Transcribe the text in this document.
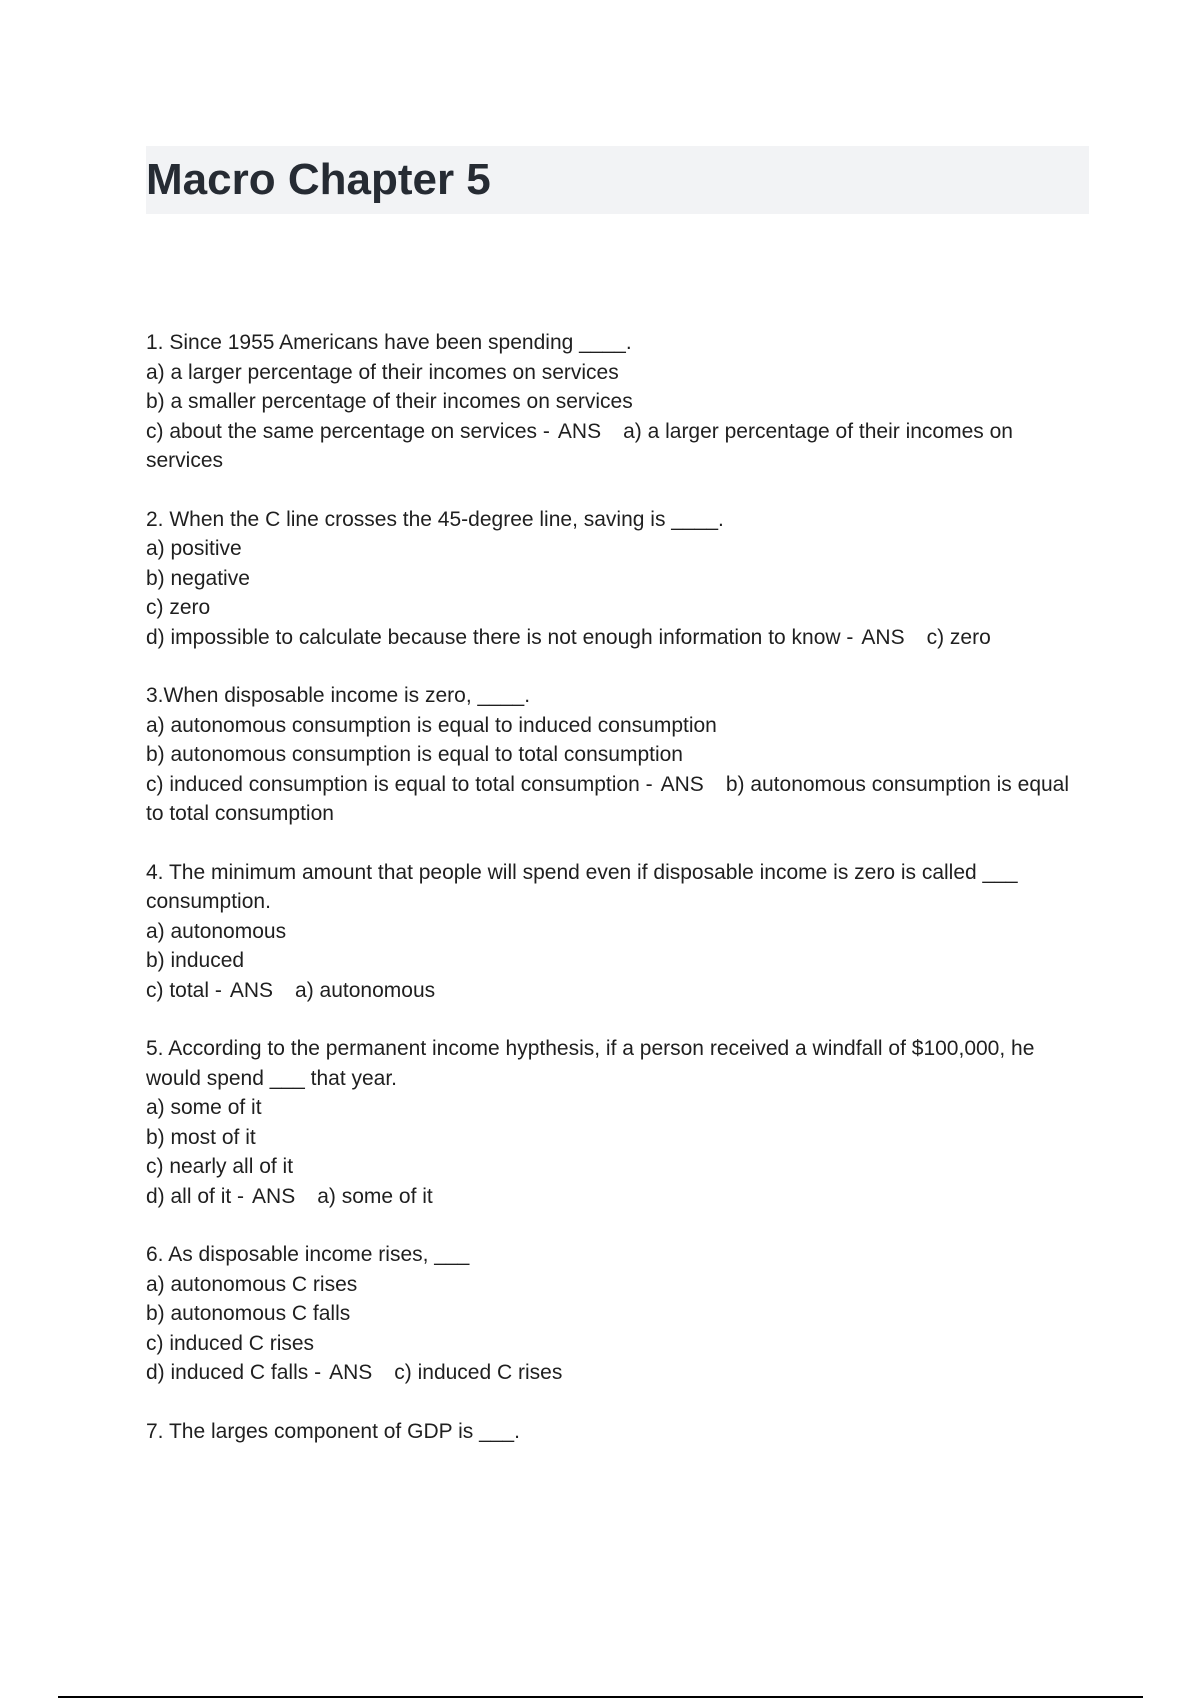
Macro Chapter 5
1. Since 1955 Americans have been spending ____.
a) a larger percentage of their incomes on services
b) a smaller percentage of their incomes on services
c) about the same percentage on services - ANS a) a larger percentage of their incomes on services
2. When the C line crosses the 45-degree line, saving is ____.
a) positive
b) negative
c) zero
d) impossible to calculate because there is not enough information to know - ANS c) zero
3.When disposable income is zero, ____.
a) autonomous consumption is equal to induced consumption
b) autonomous consumption is equal to total consumption
c) induced consumption is equal to total consumption - ANS b) autonomous consumption is equal to total consumption
4. The minimum amount that people will spend even if disposable income is zero is called ___ consumption.
a) autonomous
b) induced
c) total - ANS a) autonomous
5. According to the permanent income hypthesis, if a person received a windfall of $100,000, he would spend ___ that year.
a) some of it
b) most of it
c) nearly all of it
d) all of it - ANS a) some of it
6. As disposable income rises, ___
a) autonomous C rises
b) autonomous C falls
c) induced C rises
d) induced C falls - ANS c) induced C rises
7. The larges component of GDP is ___.
